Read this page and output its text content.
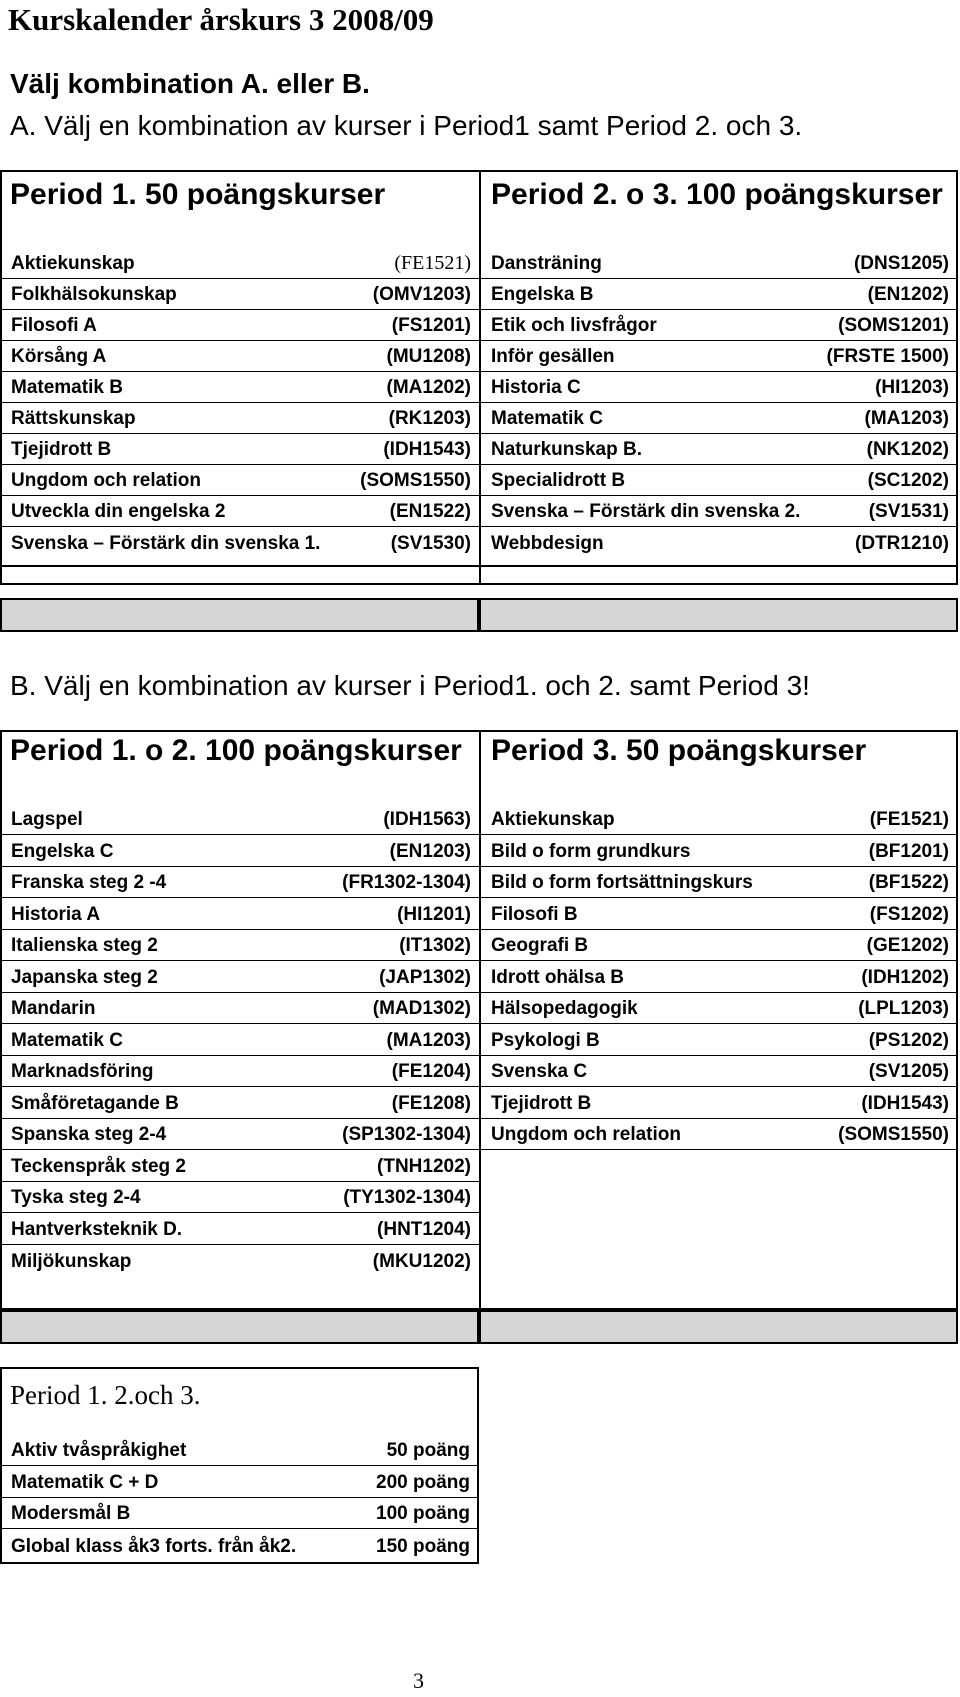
Kurskalender årskurs 3 2008/09
Välj kombination A. eller B.
A. Välj en kombination av kurser i Period1 samt Period 2. och 3.
Period 1. 50 poängskurser	Period 2. o 3. 100 poängskurser
Aktiekunskap	(FE1521)
Folkhälsokunskap	(OMV1203)
Filosofi A	(FS1201)
Körsång A	(MU1208)
Matematik B	(MA1202)
Rättskunskap	(RK1203)
Tjejidrott B	(IDH1543)
Ungdom och relation	(SOMS1550)
Utveckla din engelska 2	(EN1522)
Svenska – Förstärk din svenska 1.	(SV1530)
Dansträning	(DNS1205)
Engelska B	(EN1202)
Etik och livsfrågor	(SOMS1201)
Inför gesällen	(FRSTE 1500)
Historia C	(HI1203)
Matematik C	(MA1203)
Naturkunskap B.	(NK1202)
Specialidrott B	(SC1202)
Svenska – Förstärk din svenska 2.	(SV1531)
Webbdesign	(DTR1210)
B. Välj en kombination av kurser i Period1. och 2. samt Period 3!
Period 1. o 2. 100 poängskurser Period 3. 50 poängskurser
Lagspel	(IDH1563)
Engelska C	(EN1203)
Franska steg 2 -4	(FR1302-1304)
Historia A	(HI1201)
Italienska steg 2	(IT1302)
Japanska steg 2	(JAP1302)
Mandarin	(MAD1302)
Matematik C	(MA1203)
Marknadsföring	(FE1204)
Småföretagande B	(FE1208)
Spanska steg 2-4	(SP1302-1304)
Teckenspråk steg 2	(TNH1202)
Tyska steg 2-4	(TY1302-1304)
Hantverksteknik D.	(HNT1204)
Miljökunskap	(MKU1202)
Aktiekunskap	(FE1521)
Bild o form grundkurs	(BF1201)
Bild o form fortsättningskurs	(BF1522)
Filosofi B	(FS1202)
Geografi B	(GE1202)
Idrott ohälsa B	(IDH1202)
Hälsopedagogik	(LPL1203)
Psykologi B	(PS1202)
Svenska C	(SV1205)
Tjejidrott B	(IDH1543)
Ungdom och relation	(SOMS1550)
Period 1. 2.och 3.
Aktiv tvåspråkighet	50 poäng
Matematik C + D	200 poäng
Modersmål B	100 poäng
Global klass åk3 forts. från åk2.	150 poäng
3
